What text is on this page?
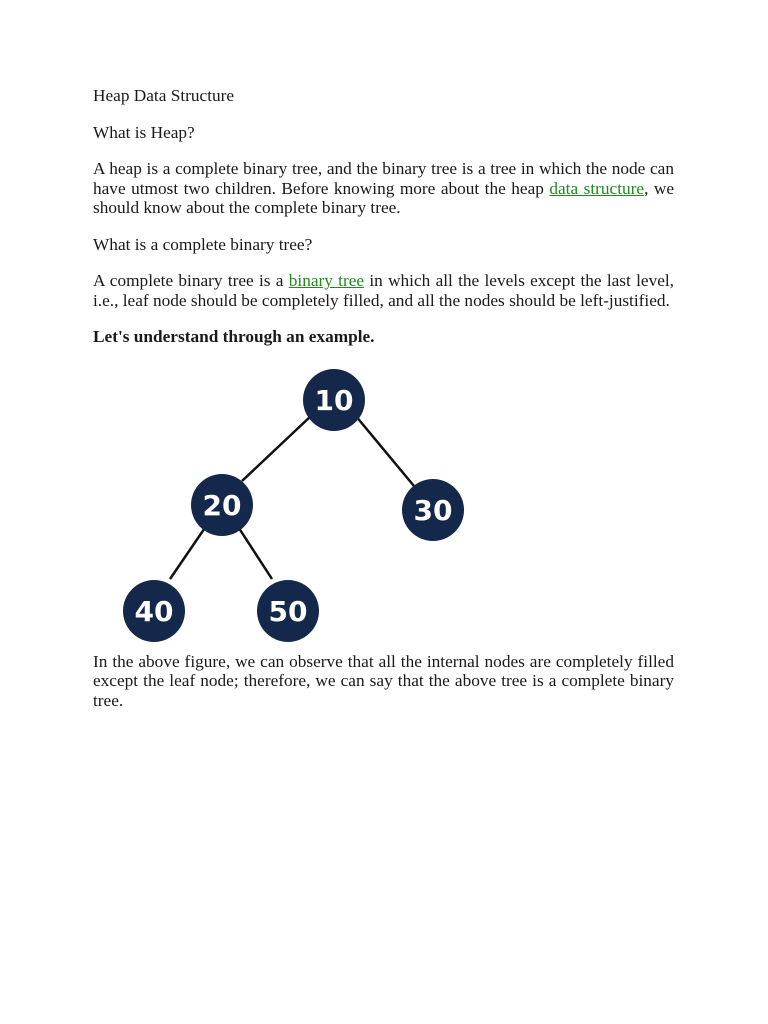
Heap Data Structure

What is Heap?

A heap is a complete binary tree, and the binary tree is a tree in which the node can have utmost two children. Before knowing more about the heap data structure, we should know about the complete binary tree.

What is a complete binary tree?

A complete binary tree is a binary tree in which all the levels except the last level, i.e., leaf node should be completely filled, and all the nodes should be left-justified.

Let's understand through an example.

10
20	30
40	50

In the above figure, we can observe that all the internal nodes are completely filled except the leaf node; therefore, we can say that the above tree is a complete binary tree.
